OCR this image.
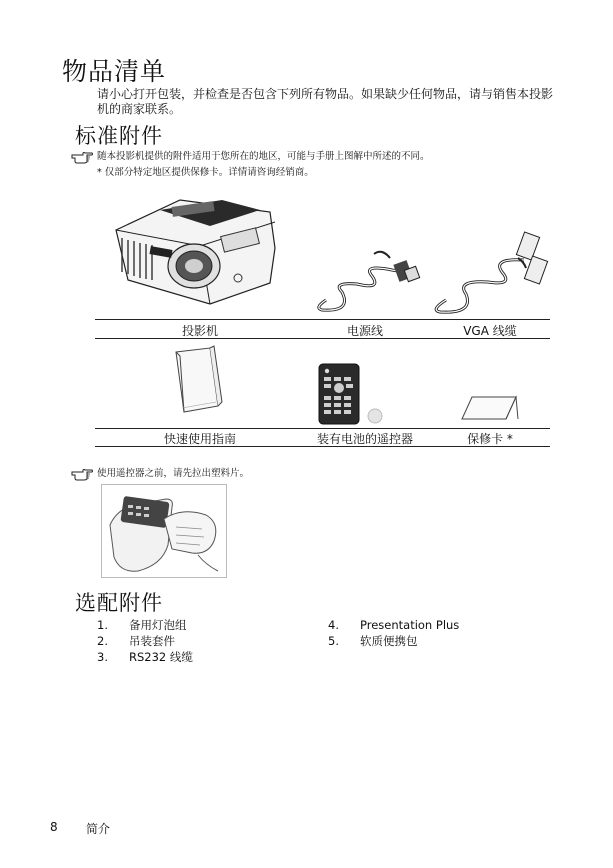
物品清单
请小心打开包装，并检查是否包含下列所有物品。如果缺少任何物品，请与销售本投影机的商家联系。
标准附件
随本投影机提供的附件适用于您所在的地区，可能与手册上图解中所述的不同。
* 仅部分特定地区提供保修卡。详情请咨询经销商。
投影机	电源线	VGA 线缆
快速使用指南	装有电池的遥控器	保修卡 *
使用遥控器之前，请先拉出塑料片。
选配附件
1. 备用灯泡组
2. 吊装套件
3. RS232 线缆
4. Presentation Plus
5. 软质便携包
8 简介
